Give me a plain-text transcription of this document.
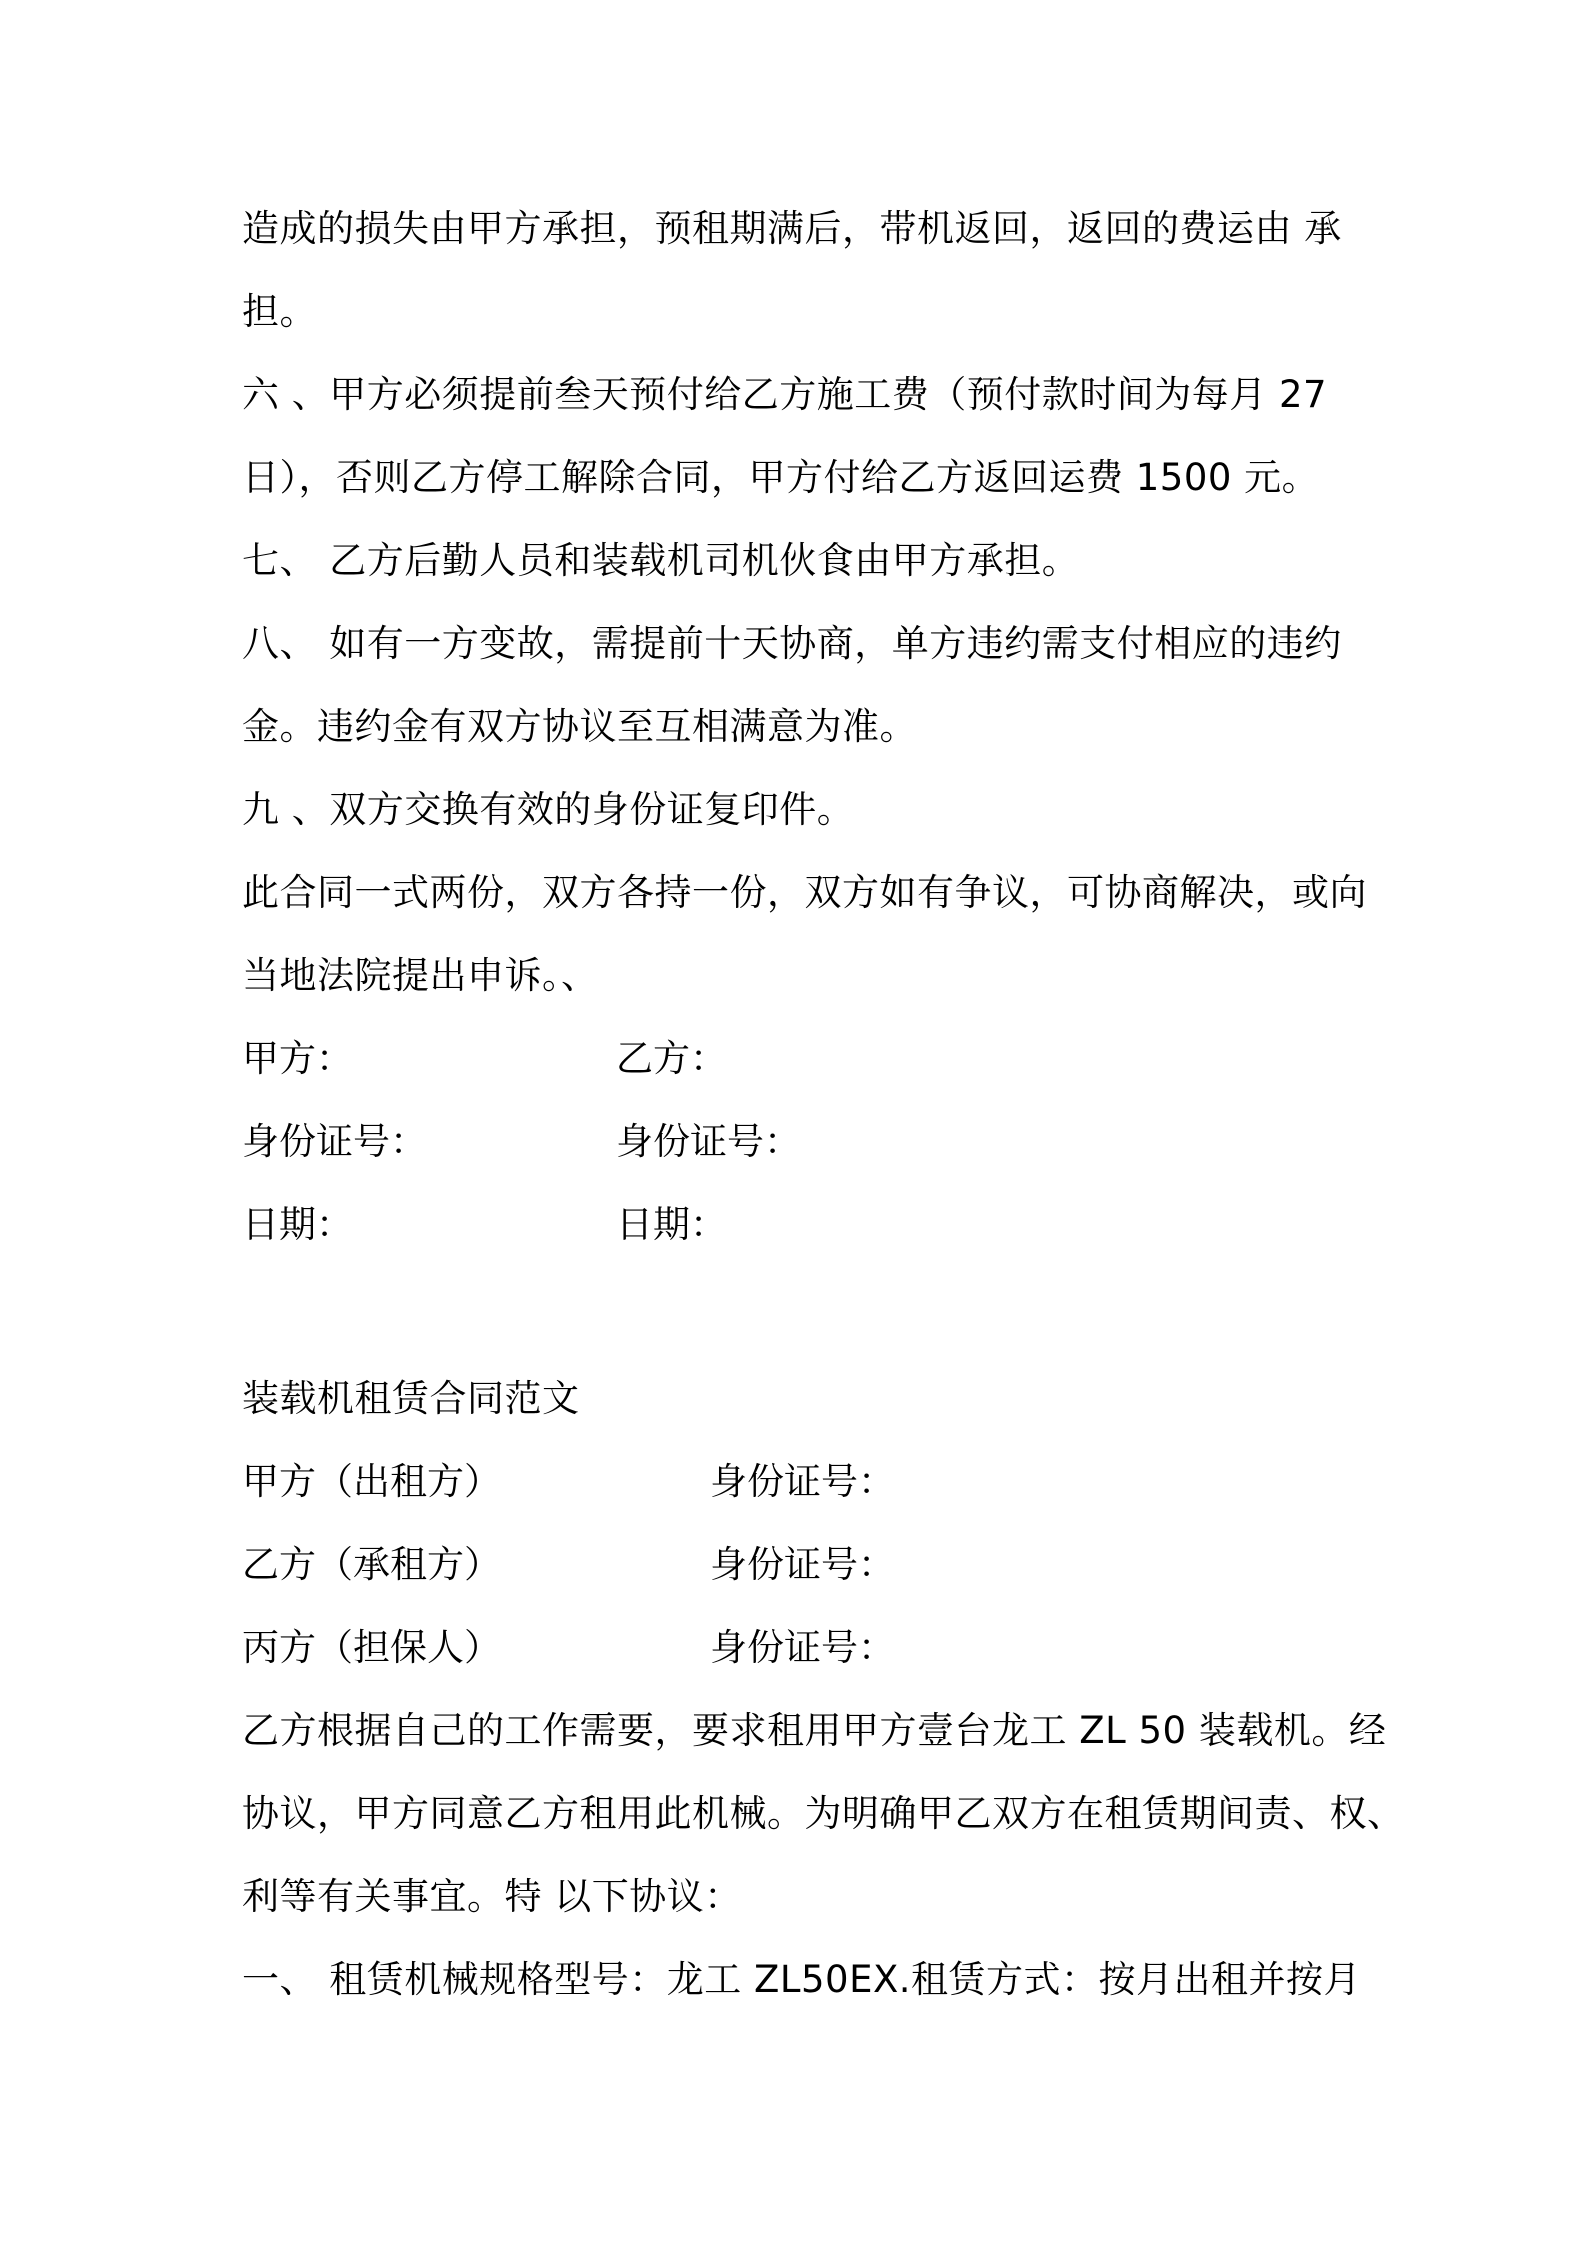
造成的损失由甲方承担，预租期满后，带机返回，返回的费运由 承
担。
六 、甲方必须提前叁天预付给乙方施工费（预付款时间为每月 27
日），否则乙方停工解除合同，甲方付给乙方返回运费 1500 元。
七、 乙方后勤人员和装载机司机伙食由甲方承担。
八、 如有一方变故，需提前十天协商，单方违约需支付相应的违约
金。违约金有双方协议至互相满意为准。
九 、双方交换有效的身份证复印件。
此合同一式两份，双方各持一份，双方如有争议，可协商解决，或向
当地法院提出申诉。、
甲方：	乙方：
身份证号：	身份证号：
日期：	日期：
装载机租赁合同范文
甲方（出租方）	身份证号：
乙方（承租方）	身份证号：
丙方（担保人）	身份证号：
乙方根据自己的工作需要，要求租用甲方壹台龙工 ZL 50 装载机。经
协议，甲方同意乙方租用此机械。为明确甲乙双方在租赁期间责、权、
利等有关事宜。特 以下协议：
一、 租赁机械规格型号：龙工 ZL50EX.租赁方式：按月出租并按月
